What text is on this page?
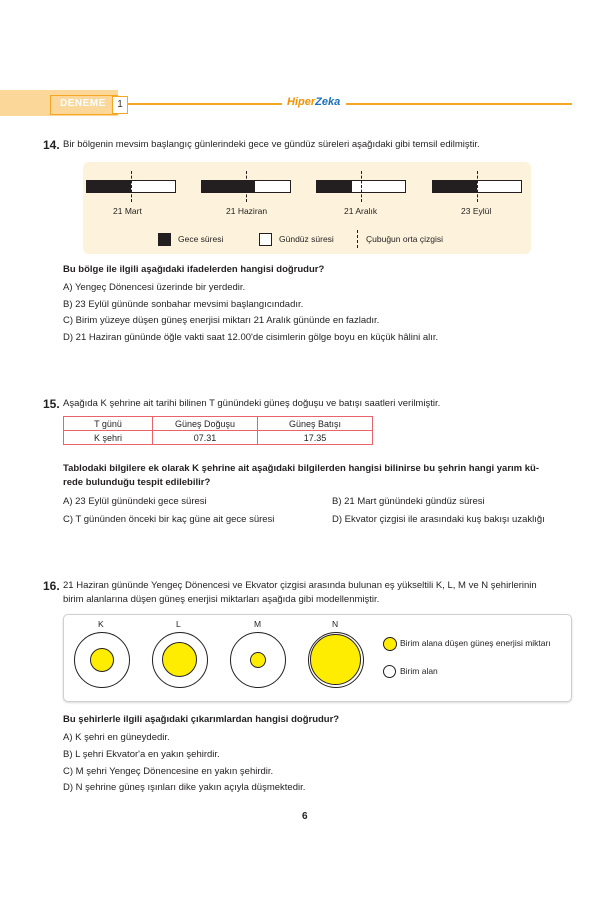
DENEME	1	HiperZeka
14. Bir bölgenin mevsim başlangıç günlerindeki gece ve gündüz süreleri aşağıdaki gibi temsil edilmiştir.
21 Mart	21 Haziran	21 Aralık	23 Eylül
Gece süresi	Gündüz süresi	Çubuğun orta çizgisi
Bu bölge ile ilgili aşağıdaki ifadelerden hangisi doğrudur?
A) Yengeç Dönencesi üzerinde bir yerdedir.
B) 23 Eylül gününde sonbahar mevsimi başlangıcındadır.
C) Birim yüzeye düşen güneş enerjisi miktarı 21 Aralık gününde en fazladır.
D) 21 Haziran gününde öğle vakti saat 12.00'de cisimlerin gölge boyu en küçük hâlini alır.
15. Aşağıda K şehrine ait tarihi bilinen T günündeki güneş doğuşu ve batışı saatleri verilmiştir.
T günü	Güneş Doğuşu	Güneş Batışı
K şehri	07.31	17.35
Tablodaki bilgilere ek olarak K şehrine ait aşağıdaki bilgilerden hangisi bilinirse bu şehrin hangi yarım kü-
rede bulunduğu tespit edilebilir?
A) 23 Eylül günündeki gece süresi	B) 21 Mart günündeki gündüz süresi
C) T gününden önceki bir kaç güne ait gece süresi	D) Ekvator çizgisi ile arasındaki kuş bakışı uzaklığı
16. 21 Haziran gününde Yengeç Dönencesi ve Ekvator çizgisi arasında bulunan eş yükseltili K, L, M ve N şehirlerinin
birim alanlarına düşen güneş enerjisi miktarları aşağıda gibi modellenmiştir.
K	L	M	N
Birim alana düşen güneş enerjisi miktarı
Birim alan
Bu şehirlerle ilgili aşağıdaki çıkarımlardan hangisi doğrudur?
A) K şehri en güneydedir.
B) L şehri Ekvator'a en yakın şehirdir.
C) M şehri Yengeç Dönencesine en yakın şehirdir.
D) N şehrine güneş ışınları dike yakın açıyla düşmektedir.
6
